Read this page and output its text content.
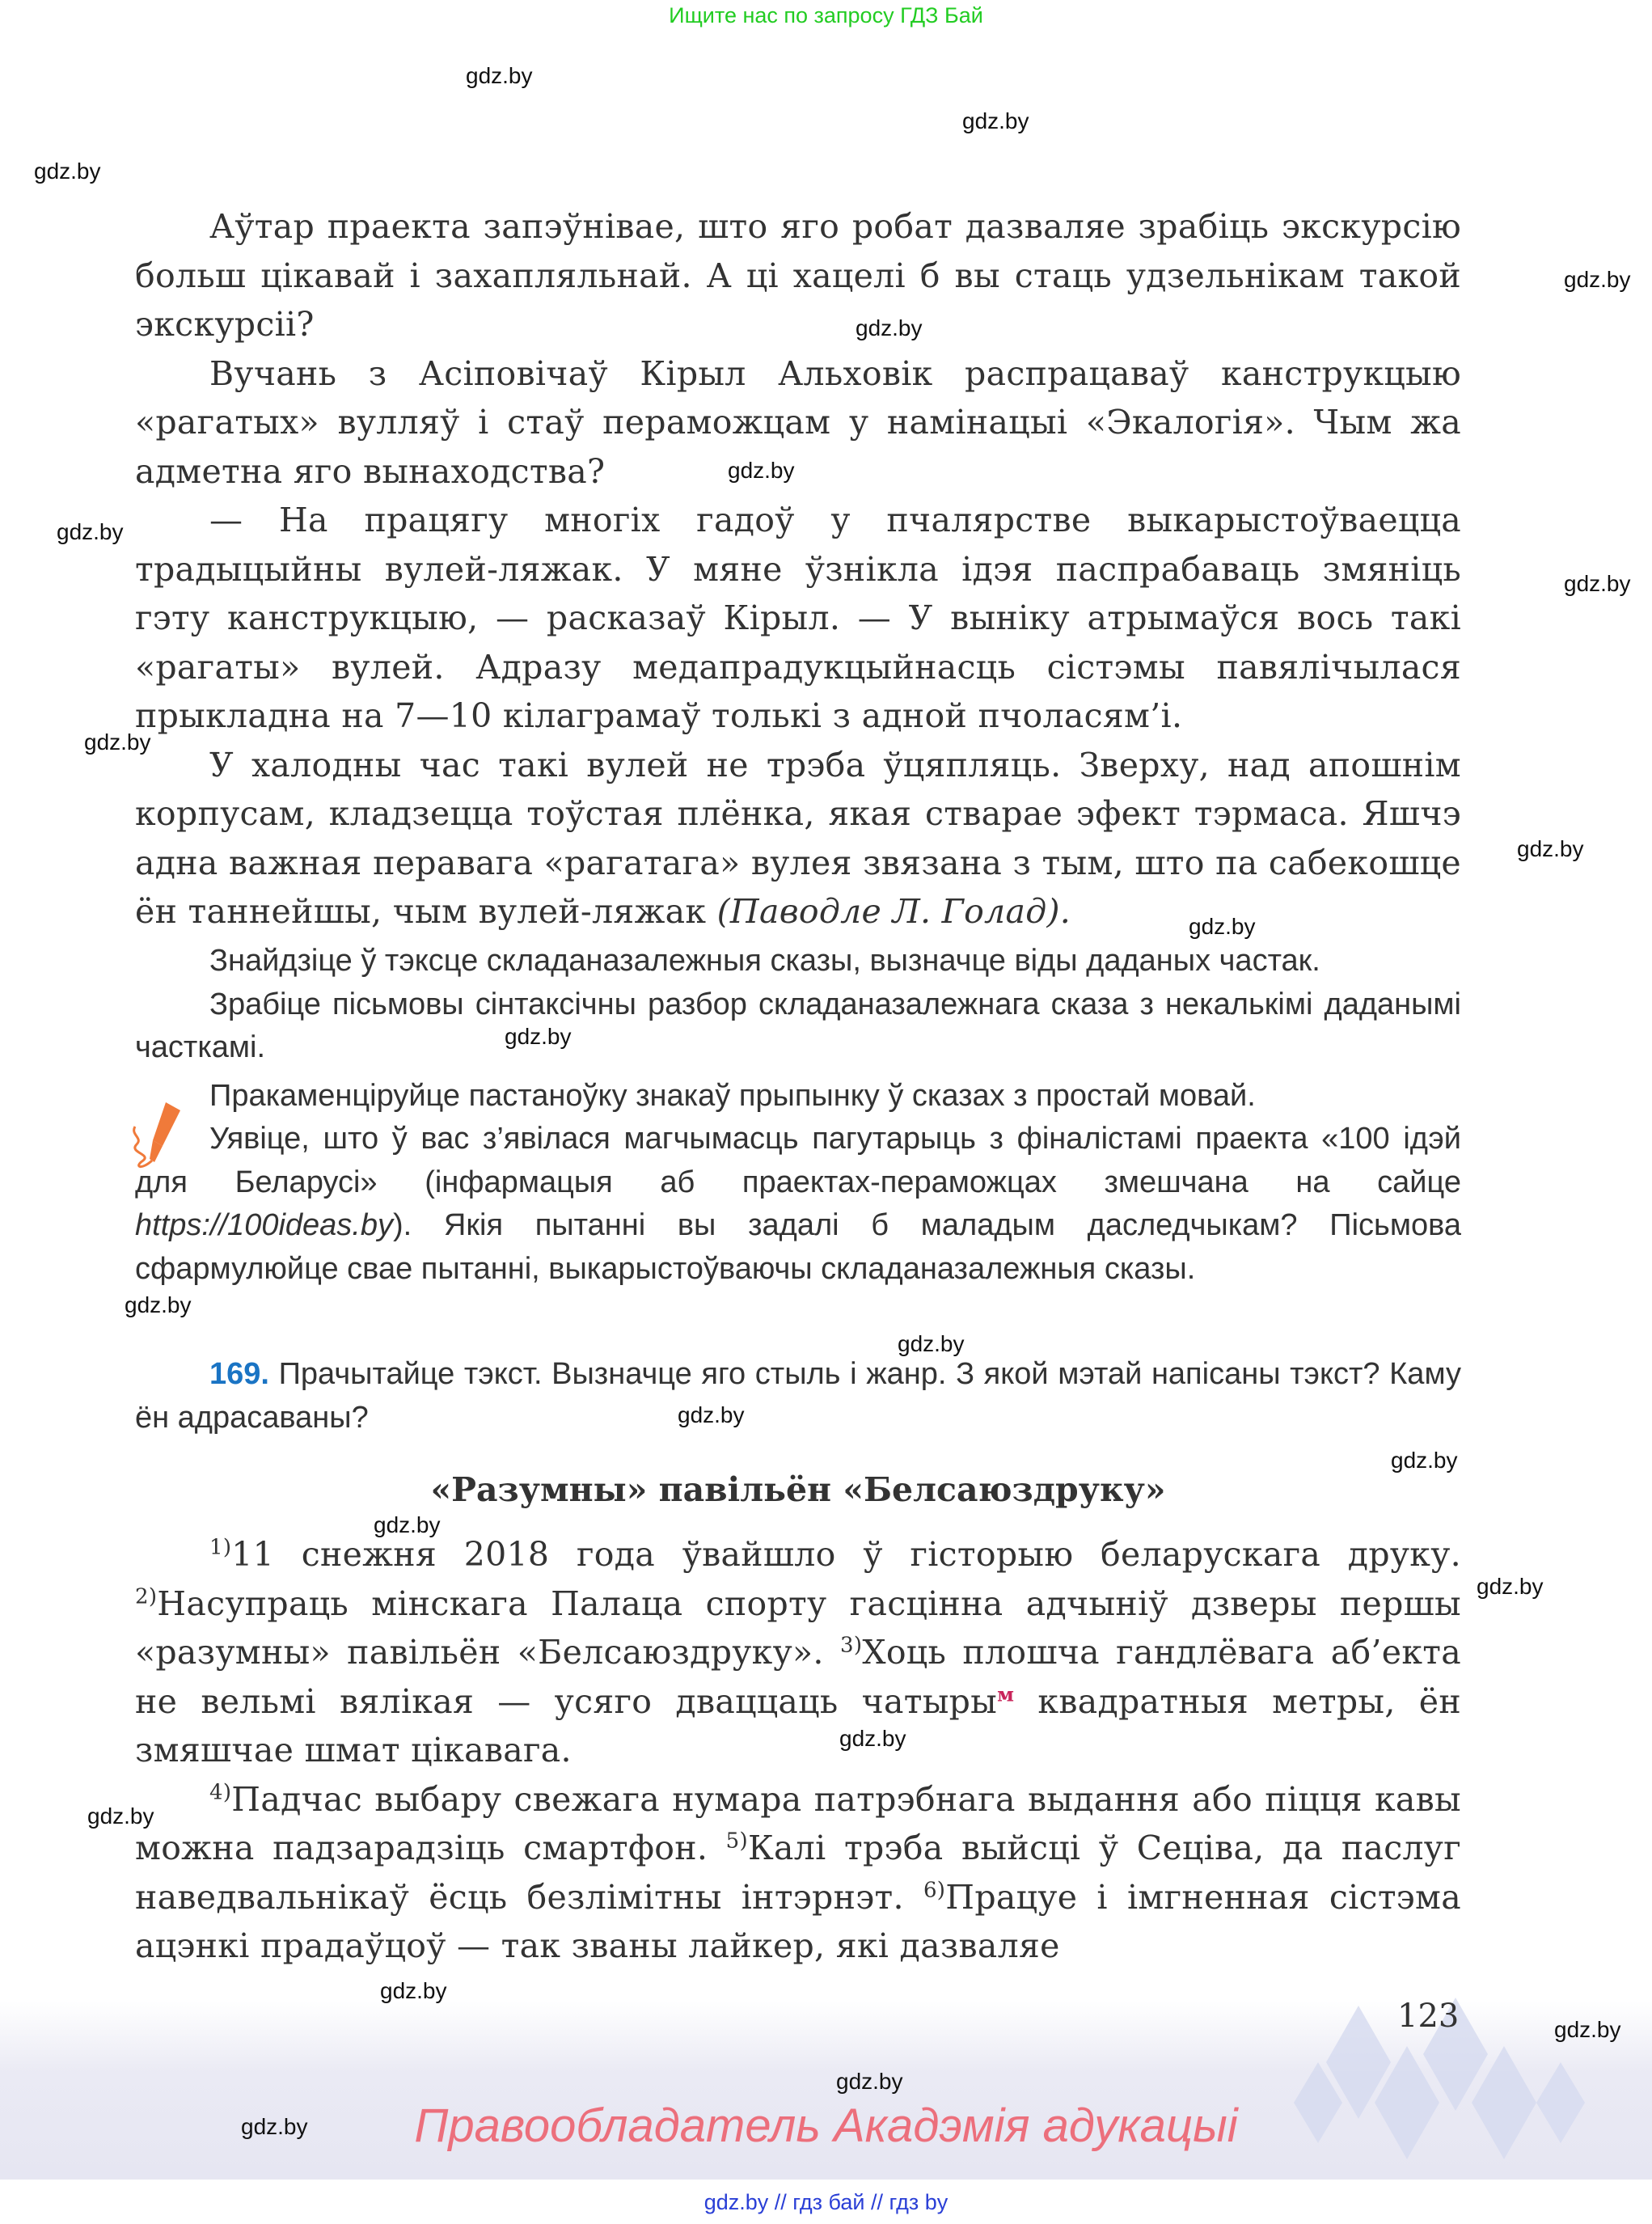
Ищите нас по запросу ГДЗ Бай
gdz.by
gdz.by
gdz.by
gdz.by
gdz.by
gdz.by
gdz.by
gdz.by
gdz.by
gdz.by
gdz.by
gdz.by
gdz.by
gdz.by
gdz.by
gdz.by
gdz.by
gdz.by
gdz.by
gdz.by
gdz.by
gdz.by
gdz.by
gdz.by

Аўтар праекта запэўнівае, што яго робат дазваляе зрабіць экскурсію больш цікавай і захапляльнай. А ці хацелі б вы стаць удзельнікам такой экскурсіі?

Вучань з Асіповічаў Кірыл Альховік распрацаваў канструкцыю «рагатых» вулляў і стаў пераможцам у намінацыі «Экалогія». Чым жа адметна яго вынаходства?

— На працягу многіх гадоў у пчалярстве выкарыстоўваецца традыцыйны вулей-ляжак. У мяне ўзнікла ідэя паспрабаваць змяніць гэту канструкцыю, — расказаў Кірыл. — У выніку атрымаўся вось такі «рагаты» вулей. Адразу медапрадукцыйнасць сістэмы павялічылася прыкладна на 7—10 кілаграмаў толькі з адной пчоласям’і.

У халодны час такі вулей не трэба ўцяпляць. Зверху, над апошнім корпусам, кладзецца тоўстая плёнка, якая стварае эфект тэрмаса. Яшчэ адна важная перавага «рагатага» вулея звязана з тым, што па сабекошце ён таннейшы, чым вулей-ляжак (Паводле Л. Голад).

Знайдзіце ў тэксце складаназалежныя сказы, вызначце віды даданых частак.

Зрабіце пісьмовы сінтаксічны разбор складаназалежнага сказа з некалькімі даданымі часткамі.

Пракаменціруйце пастаноўку знакаў прыпынку ў сказах з простай мовай.

Уявіце, што ў вас з’явілася магчымасць пагутарыць з фіналістамі праекта «100 ідэй для Беларусі» (інфармацыя аб праектах-пераможцах змешчана на сайце https://100ideas.by). Якія пытанні вы задалі б маладым даследчыкам? Пісьмова сфармулюйце свае пытанні, выкарыстоўваючы складаназалежныя сказы.

169. Прачытайце тэкст. Вызначце яго стыль і жанр. З якой мэтай напісаны тэкст? Каму ён адрасаваны?

«Разумны» павільён «Белсаюздруку»

$^{1)}$11 снежня 2018 года ўвайшло ў гісторыю беларускага друку. $^{2)}$Насупраць мінскага Палаца спорту гасцінна адчыніў дзверы першы «разумны» павільён «Белсаюздруку». $^{3)}$Хоць плошча гандлёвага аб’екта не вельмі вялікая — усяго дваццаць чатыры$^м$ квадратныя метры, ён змяшчае шмат цікавага.

$^{4)}$Падчас выбару свежага нумара патрэбнага выдання або піцця кавы можна падзарадзіць смартфон. $^{5)}$Калі трэба выйсці ў Сеціва, да паслуг наведвальнікаў ёсць безлімітны інтэрнэт. $^{6)}$Працуе і імгненная сістэма ацэнкі прадаўцоў — так званы лайкер, які дазваляе

123
Правообладатель Акадэмія адукацыі
gdz.by // гдз бай // гдз by
